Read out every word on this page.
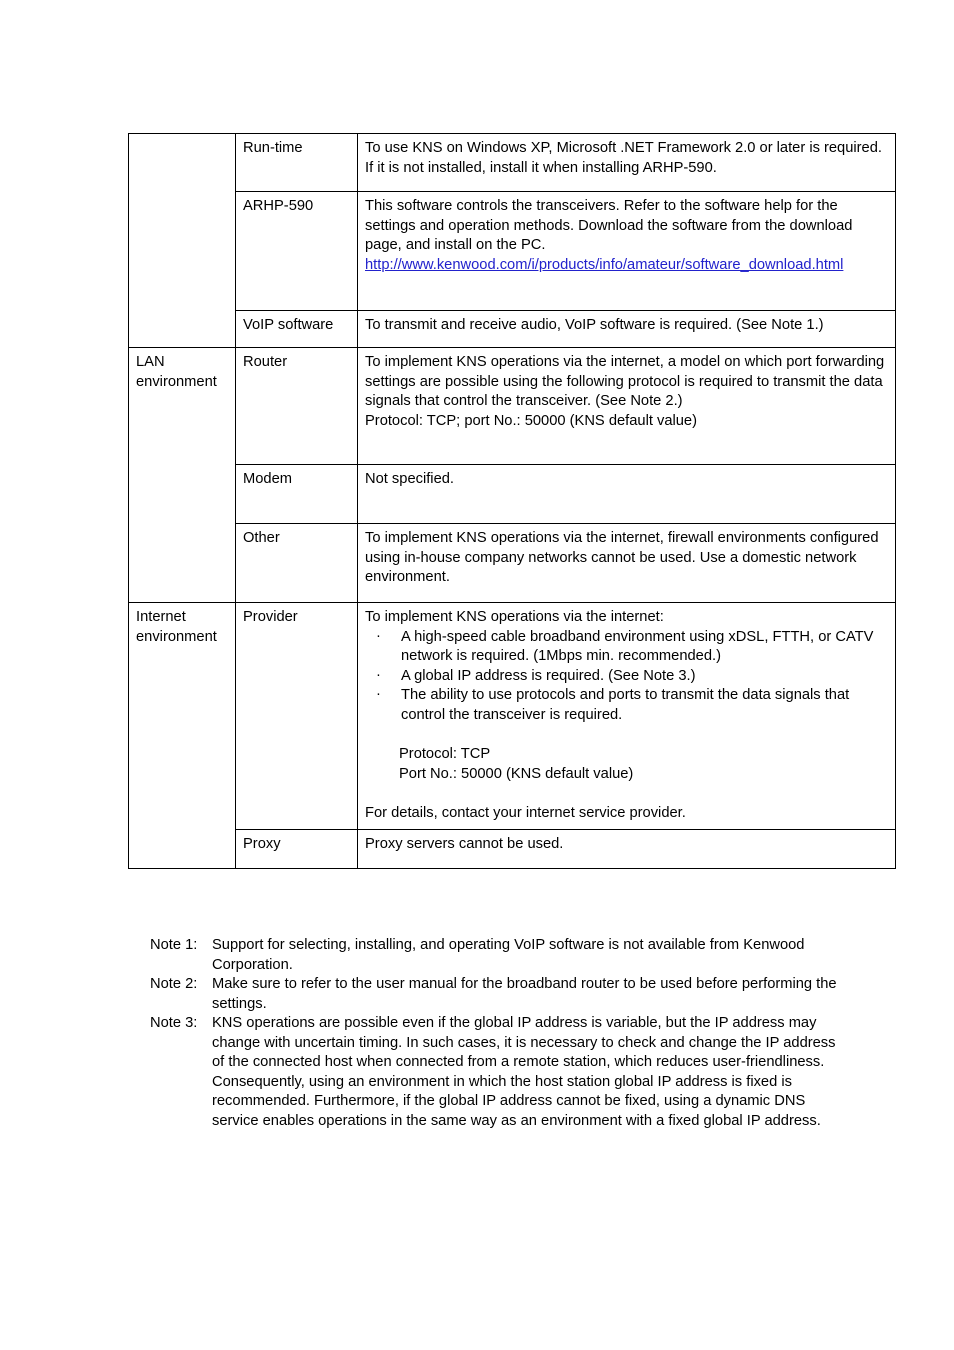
	Run-time	To use KNS on Windows XP, Microsoft .NET Framework 2.0 or later is required. If it is not installed, install it when installing ARHP-590.

	ARHP-590	This software controls the transceivers. Refer to the software help for the settings and operation methods. Download the software from the download page, and install on the PC.

http://www.kenwood.com/i/products/info/amateur/software_download.html
	VoIP software	To transmit and receive audio, VoIP software is required. (See Note 1.)

LAN environment	Router	To implement KNS operations via the internet, a model on which port forwarding settings are possible using the following protocol is required to transmit the data signals that control the transceiver. (See Note 2.)

Protocol: TCP; port No.: 50000 (KNS default value)

	Modem	Not specified.

	Other	To implement KNS operations via the internet, firewall environments configured using in-house company networks cannot be used. Use a domestic network environment.

Internet environment	Provider	To implement KNS operations via the internet:

· A high-speed cable broadband environment using xDSL, FTTH, or CATV network is required. (1Mbps min. recommended.)
· A global IP address is required. (See Note 3.)
· The ability to use protocols and ports to transmit the data signals that control the transceiver is required.

Protocol: TCP

Port No.: 50000 (KNS default value)

For details, contact your internet service provider.

	Proxy	Proxy servers cannot be used.

Note 1: Support for selecting, installing, and operating VoIP software is not available from Kenwood Corporation.

Note 2: Make sure to refer to the user manual for the broadband router to be used before performing the settings.

Note 3: KNS operations are possible even if the global IP address is variable, but the IP address may change with uncertain timing. In such cases, it is necessary to check and change the IP address of the connected host when connected from a remote station, which reduces user-friendliness. Consequently, using an environment in which the host station global IP address is fixed is recommended. Furthermore, if the global IP address cannot be fixed, using a dynamic DNS service enables operations in the same way as an environment with a fixed global IP address.
